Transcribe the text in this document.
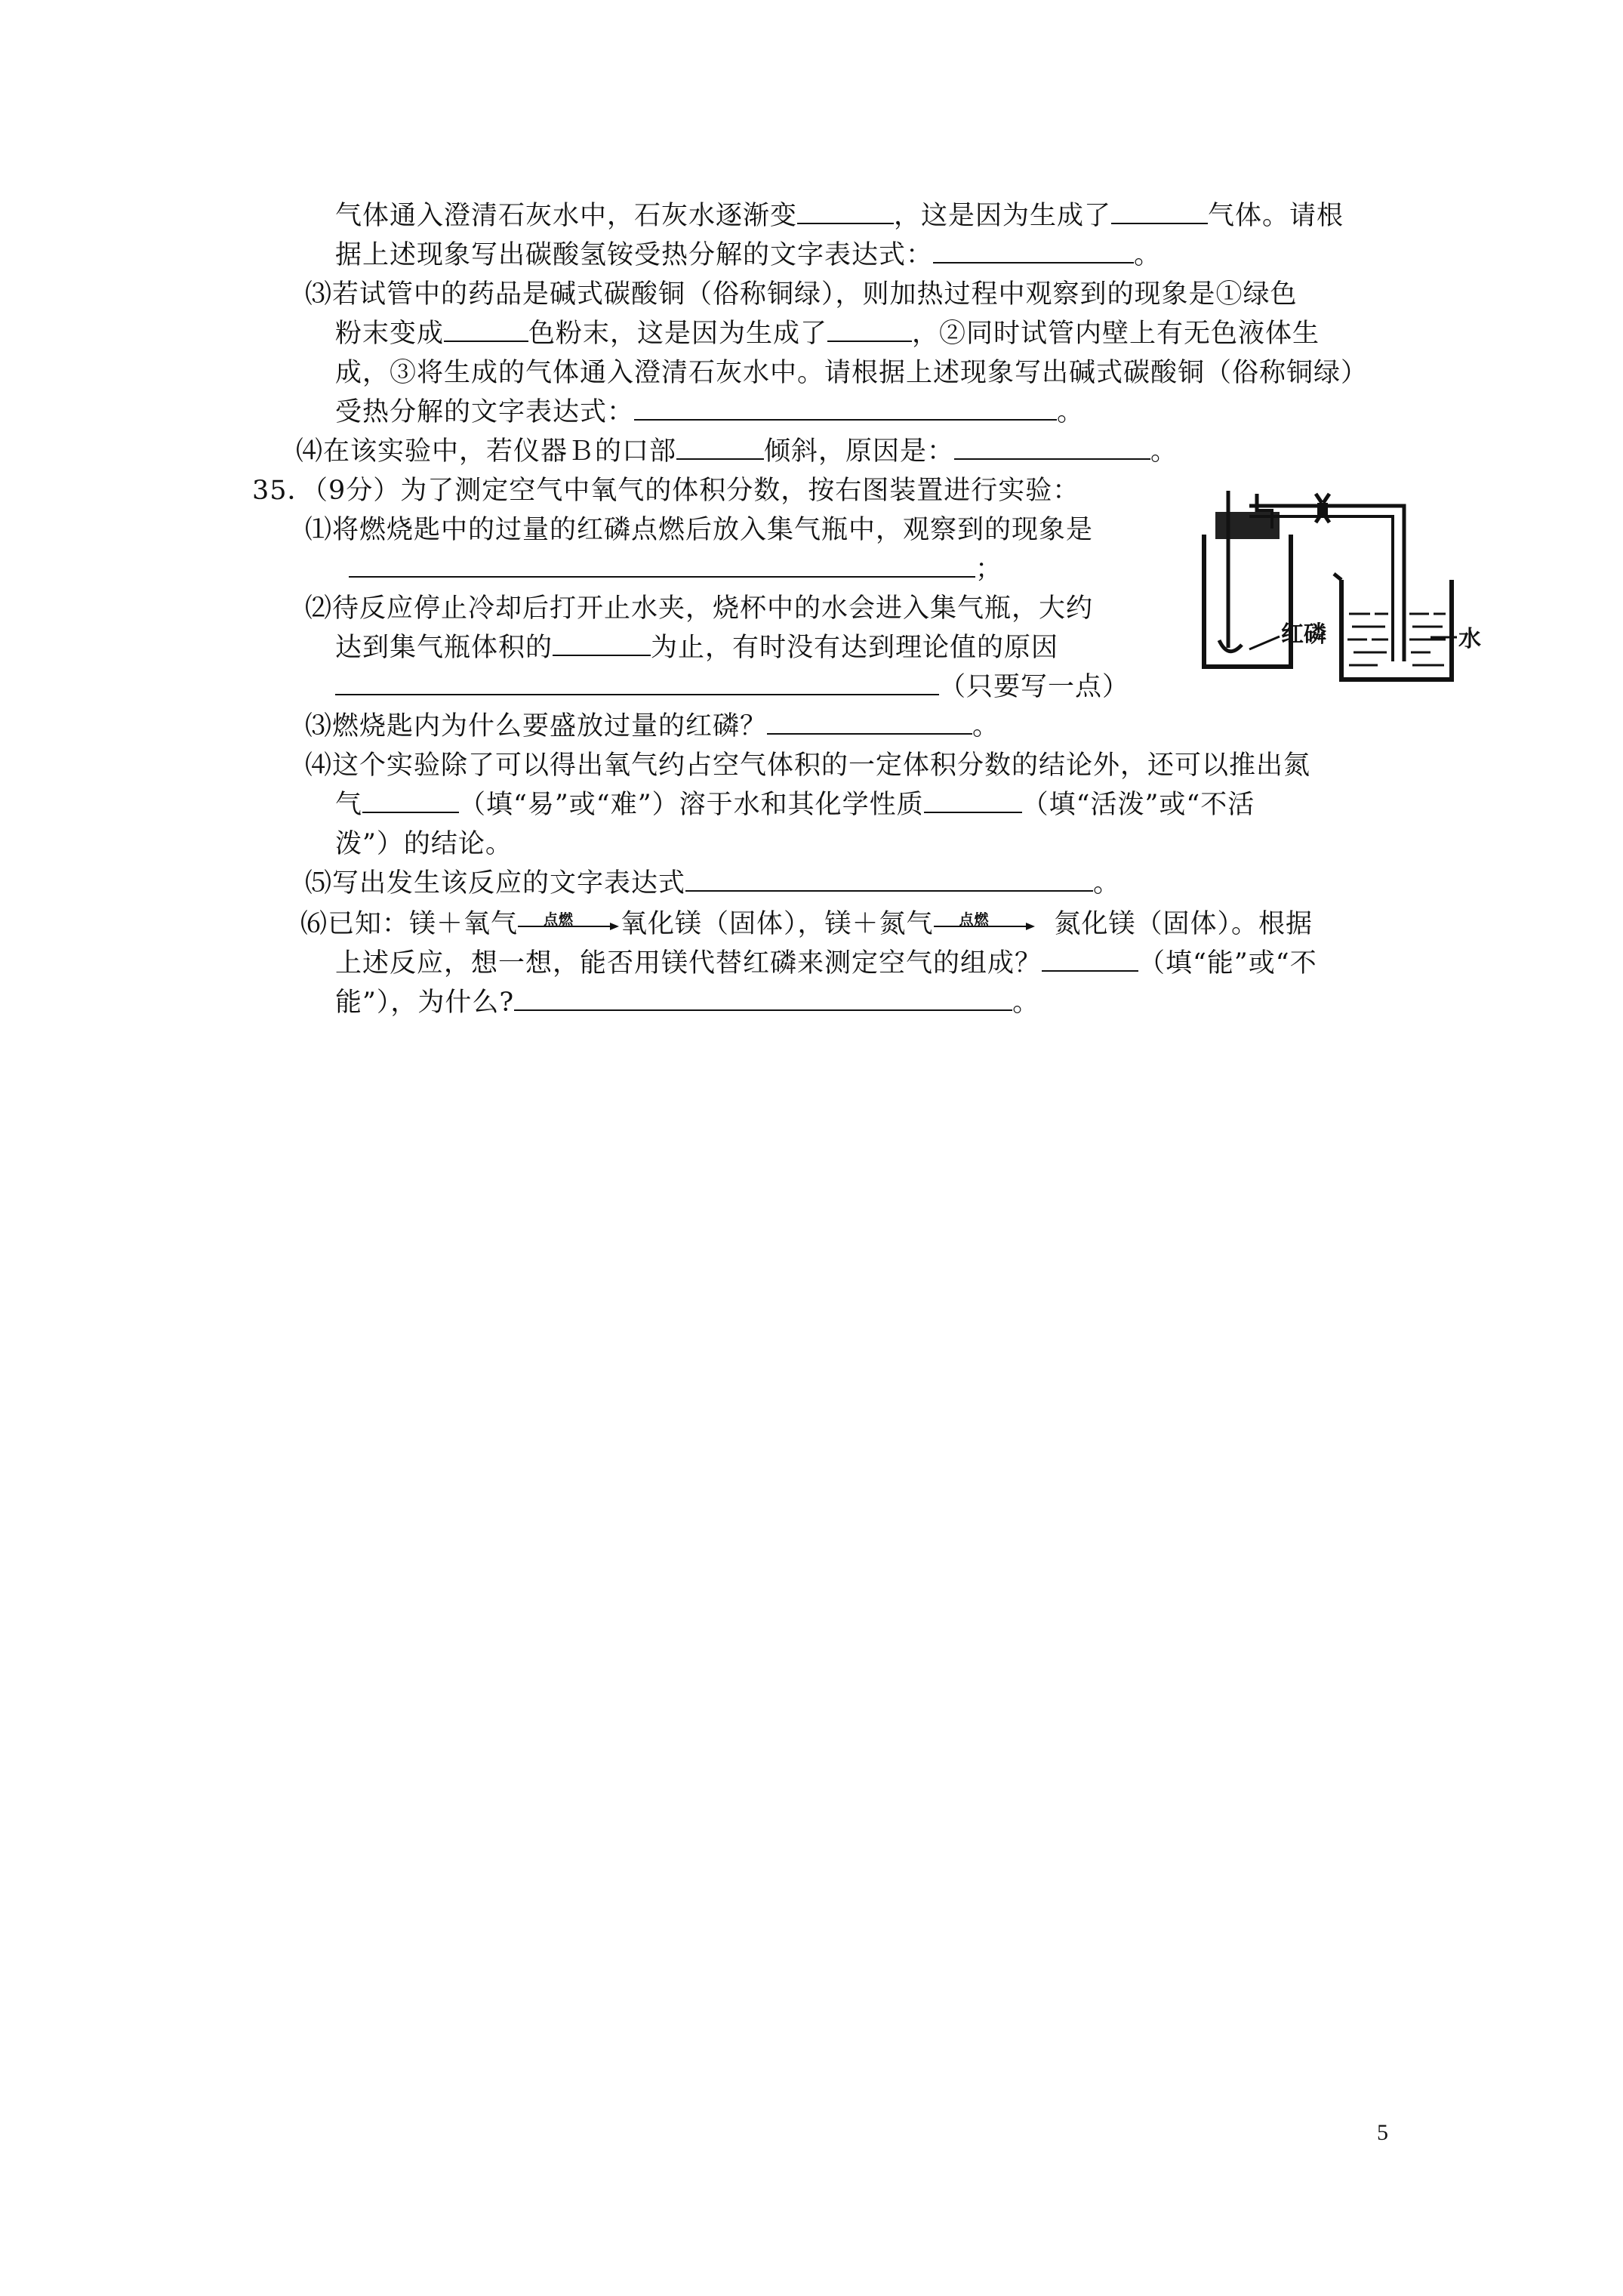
气体通入澄清石灰水中，石灰水逐渐变	，这是因为生成了	气体。请根
据上述现象写出碳酸氢铵受热分解的文字表达式：	。
⑶若试管中的药品是碱式碳酸铜（俗称铜绿），则加热过程中观察到的现象是①绿色
粉末变成	色粉末，这是因为生成了	，②同时试管内壁上有无色液体生
成，③将生成的气体通入澄清石灰水中。请根据上述现象写出碱式碳酸铜（俗称铜绿）
受热分解的文字表达式：	。
⑷在该实验中，若仪器Ｂ的口部	倾斜，原因是：	。
35．（9分）为了测定空气中氧气的体积分数，按右图装置进行实验：
⑴将燃烧匙中的过量的红磷点燃后放入集气瓶中，观察到的现象是
；
⑵待反应停止冷却后打开止水夹，烧杯中的水会进入集气瓶，大约
达到集气瓶体积的	为止，有时没有达到理论值的原因
（只要写一点）
⑶燃烧匙内为什么要盛放过量的红磷？	。
⑷这个实验除了可以得出氧气约占空气体积的一定体积分数的结论外，还可以推出氮
气	（填“易”或“难”）溶于水和其化学性质	（填“活泼”或“不活
泼”）的结论。
⑸写出发生该反应的文字表达式	。
⑹已知：镁＋氧气 点燃 氧化镁（固体），镁＋氮气 点燃 氮化镁（固体）。根据
上述反应，想一想，能否用镁代替红磷来测定空气的组成？	（填“能”或“不
能”），为什么?	。
红磷	水
5
